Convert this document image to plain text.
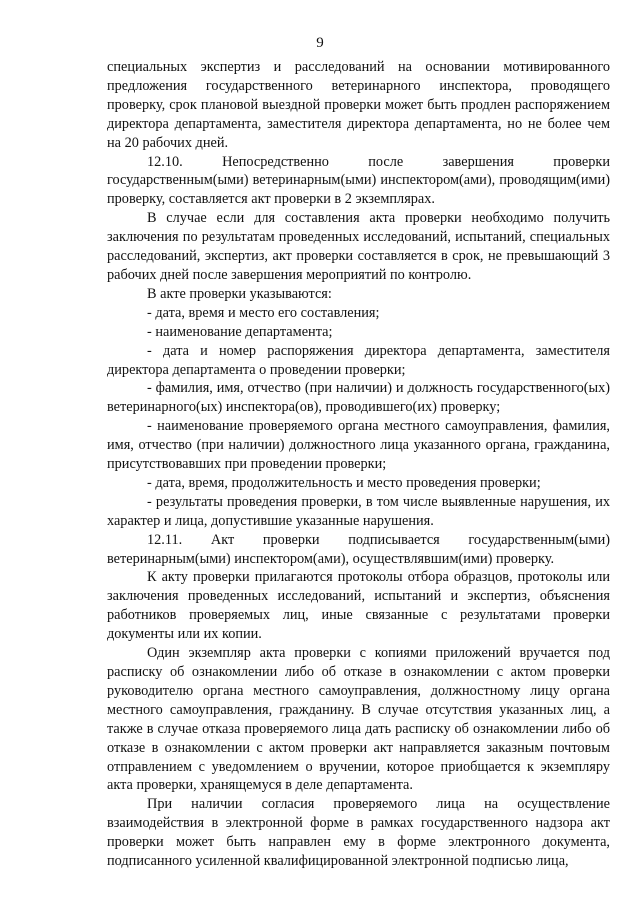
9

специальных экспертиз и расследований на основании мотивированного предложения государственного ветеринарного инспектора, проводящего проверку, срок плановой выездной проверки может быть продлен распоряжением директора департамента, заместителя директора департамента, но не более чем на 20 рабочих дней.

12.10. Непосредственно после завершения проверки государственным(ыми) ветеринарным(ыми) инспектором(ами), проводящим(ими) проверку, составляется акт проверки в 2 экземплярах.

В случае если для составления акта проверки необходимо получить заключения по результатам проведенных исследований, испытаний, специальных расследований, экспертиз, акт проверки составляется в срок, не превышающий 3 рабочих дней после завершения мероприятий по контролю.

В акте проверки указываются:

- дата, время и место его составления;

- наименование департамента;

- дата и номер распоряжения директора департамента, заместителя директора департамента о проведении проверки;

- фамилия, имя, отчество (при наличии) и должность государственного(ых) ветеринарного(ых) инспектора(ов), проводившего(их) проверку;

- наименование проверяемого органа местного самоуправления, фамилия, имя, отчество (при наличии) должностного лица указанного органа, гражданина, присутствовавших при проведении проверки;

- дата, время, продолжительность и место проведения проверки;

- результаты проведения проверки, в том числе выявленные нарушения, их характер и лица, допустившие указанные нарушения.

12.11. Акт проверки подписывается государственным(ыми) ветеринарным(ыми) инспектором(ами), осуществлявшим(ими) проверку.

К акту проверки прилагаются протоколы отбора образцов, протоколы или заключения проведенных исследований, испытаний и экспертиз, объяснения работников проверяемых лиц, иные связанные с результатами проверки документы или их копии.

Один экземпляр акта проверки с копиями приложений вручается под расписку об ознакомлении либо об отказе в ознакомлении с актом проверки руководителю органа местного самоуправления, должностному лицу органа местного самоуправления, гражданину. В случае отсутствия указанных лиц, а также в случае отказа проверяемого лица дать расписку об ознакомлении либо об отказе в ознакомлении с актом проверки акт направляется заказным почтовым отправлением с уведомлением о вручении, которое приобщается к экземпляру акта проверки, хранящемуся в деле департамента.

При наличии согласия проверяемого лица на осуществление взаимодействия в электронной форме в рамках государственного надзора акт проверки может быть направлен ему в форме электронного документа, подписанного усиленной квалифицированной электронной подписью лица,
